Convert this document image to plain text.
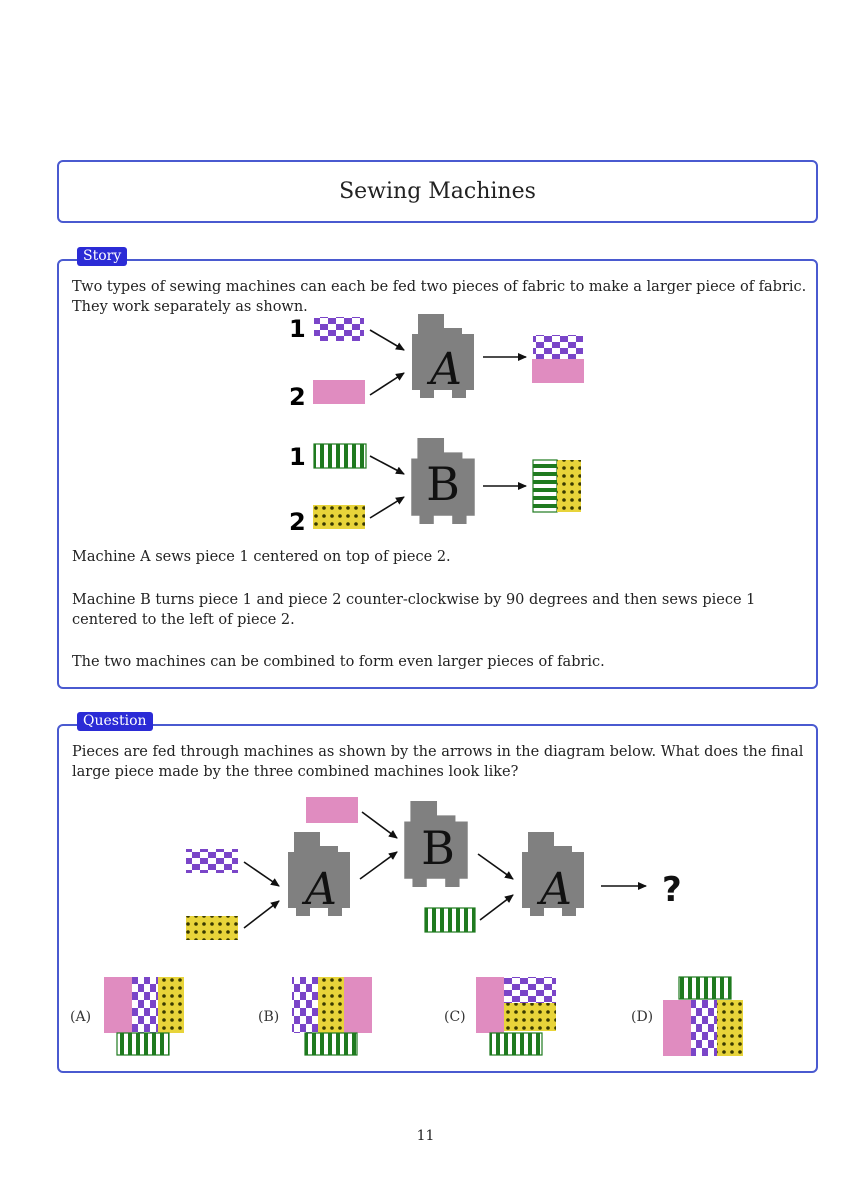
Sewing Machines
Story

Two types of sewing machines can each be fed two pieces of fabric to make a larger piece of fabric. They work separately as shown.

Machine A sews piece 1 centered on top of piece 2.

Machine B turns piece 1 and piece 2 counter-clockwise by 90 degrees and then sews piece 1 centered to the left of piece 2.

The two machines can be combined to form even larger pieces of fabric.

Question

Pieces are fed through machines as shown by the arrows in the diagram below. What does the final large piece made by the three combined machines look like?

1
2
A
1
2
B
A
B
A	?
(A)	(B)	(C)	(D)
11
